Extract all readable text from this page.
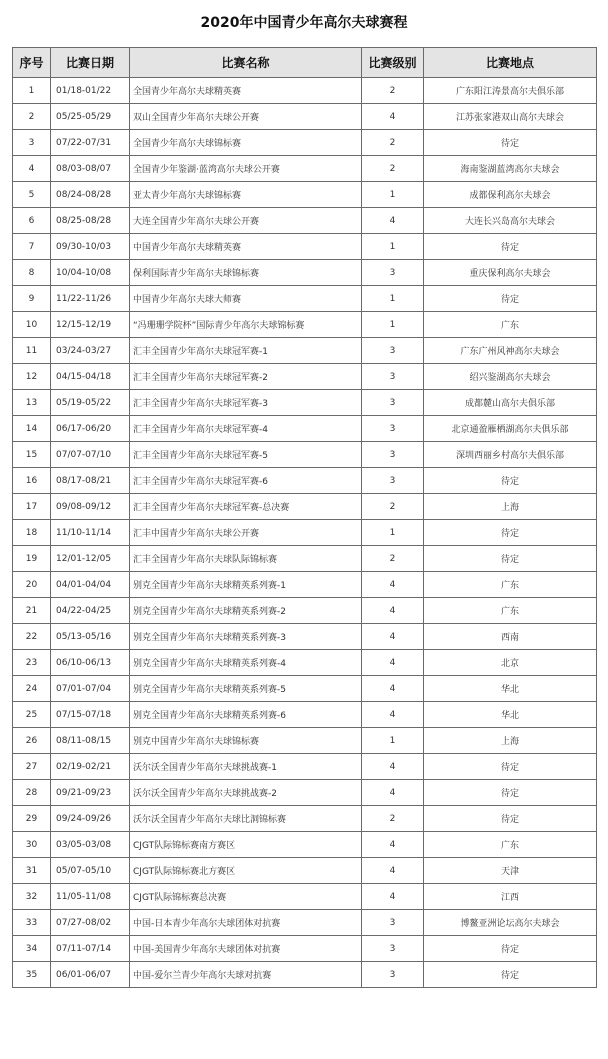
2020年中国青少年高尔夫球赛程
序号	比赛日期	比赛名称	比赛级别	比赛地点
1	01/18-01/22	全国青少年高尔夫球精英赛	2	广东阳江涛景高尔夫俱乐部
2	05/25-05/29	双山全国青少年高尔夫球公开赛	4	江苏张家港双山高尔夫球会
3	07/22-07/31	全国青少年高尔夫球锦标赛	2	待定
4	08/03-08/07	全国青少年鉴湖·蓝湾高尔夫球公开赛	2	海南鉴湖蓝湾高尔夫球会
5	08/24-08/28	亚太青少年高尔夫球锦标赛	1	成都保利高尔夫球会
6	08/25-08/28	大连全国青少年高尔夫球公开赛	4	大连长兴岛高尔夫球会
7	09/30-10/03	中国青少年高尔夫球精英赛	1	待定
8	10/04-10/08	保利国际青少年高尔夫球锦标赛	3	重庆保利高尔夫球会
9	11/22-11/26	中国青少年高尔夫球大师赛	1	待定
10	12/15-12/19	“冯珊珊学院杯”国际青少年高尔夫球锦标赛	1	广东
11	03/24-03/27	汇丰全国青少年高尔夫球冠军赛-1	3	广东广州风神高尔夫球会
12	04/15-04/18	汇丰全国青少年高尔夫球冠军赛-2	3	绍兴鉴湖高尔夫球会
13	05/19-05/22	汇丰全国青少年高尔夫球冠军赛-3	3	成都麓山高尔夫俱乐部
14	06/17-06/20	汇丰全国青少年高尔夫球冠军赛-4	3	北京通盈雁栖湖高尔夫俱乐部
15	07/07-07/10	汇丰全国青少年高尔夫球冠军赛-5	3	深圳西丽乡村高尔夫俱乐部
16	08/17-08/21	汇丰全国青少年高尔夫球冠军赛-6	3	待定
17	09/08-09/12	汇丰全国青少年高尔夫球冠军赛-总决赛	2	上海
18	11/10-11/14	汇丰中国青少年高尔夫球公开赛	1	待定
19	12/01-12/05	汇丰全国青少年高尔夫球队际锦标赛	2	待定
20	04/01-04/04	别克全国青少年高尔夫球精英系列赛-1	4	广东
21	04/22-04/25	别克全国青少年高尔夫球精英系列赛-2	4	广东
22	05/13-05/16	别克全国青少年高尔夫球精英系列赛-3	4	西南
23	06/10-06/13	别克全国青少年高尔夫球精英系列赛-4	4	北京
24	07/01-07/04	别克全国青少年高尔夫球精英系列赛-5	4	华北
25	07/15-07/18	别克全国青少年高尔夫球精英系列赛-6	4	华北
26	08/11-08/15	别克中国青少年高尔夫球锦标赛	1	上海
27	02/19-02/21	沃尔沃全国青少年高尔夫球挑战赛-1	4	待定
28	09/21-09/23	沃尔沃全国青少年高尔夫球挑战赛-2	4	待定
29	09/24-09/26	沃尔沃全国青少年高尔夫球比洞锦标赛	2	待定
30	03/05-03/08	CJGT队际锦标赛南方赛区	4	广东
31	05/07-05/10	CJGT队际锦标赛北方赛区	4	天津
32	11/05-11/08	CJGT队际锦标赛总决赛	4	江西
33	07/27-08/02	中国-日本青少年高尔夫球团体对抗赛	3	博鳌亚洲论坛高尔夫球会
34	07/11-07/14	中国-美国青少年高尔夫球团体对抗赛	3	待定
35	06/01-06/07	中国-爱尔兰青少年高尔夫球对抗赛	3	待定
